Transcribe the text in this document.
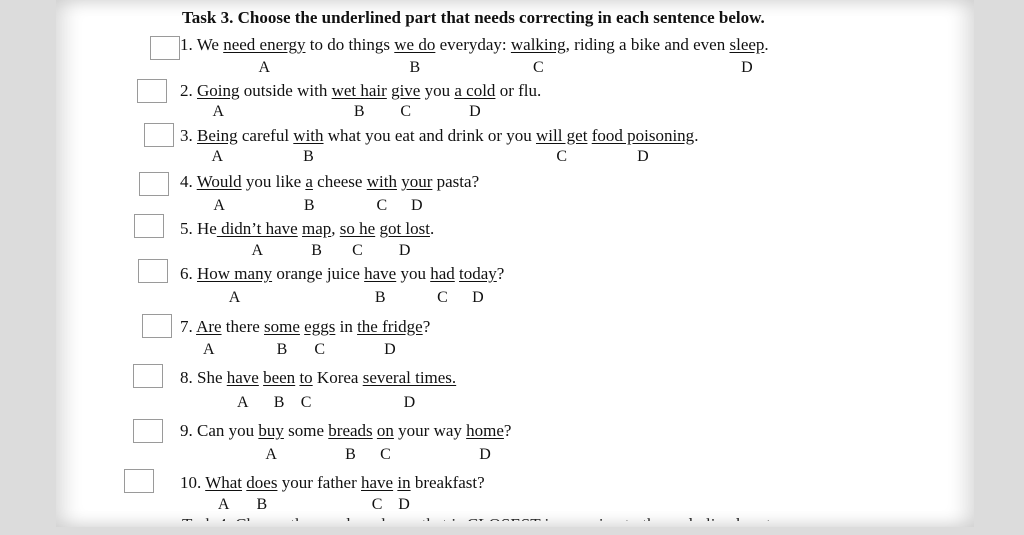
Task 3. Choose the underlined part that needs correcting in each sentence below.
1. We need energy to do things we do everyday: walking, riding a bike and even sleep.
A	B	C	D
2. Going outside with wet hair give you a cold or flu.
A	B C	D
3. Being careful with what you eat and drink or you will get food poisoning.
A	B	C	D
4. Would you like a cheese with your pasta?
A	B	C D
5. He didn’t have map, so he got lost.
A	B C D
6. How many orange juice have you had today?
A	B	C D
7. Are there some eggs in the fridge?
A	B C	D
8. She have been to Korea several times.
A B C	D
9. Can you buy some breads on your way home?
A	B C	D
10. What does your father have in breakfast?
A B	C D
